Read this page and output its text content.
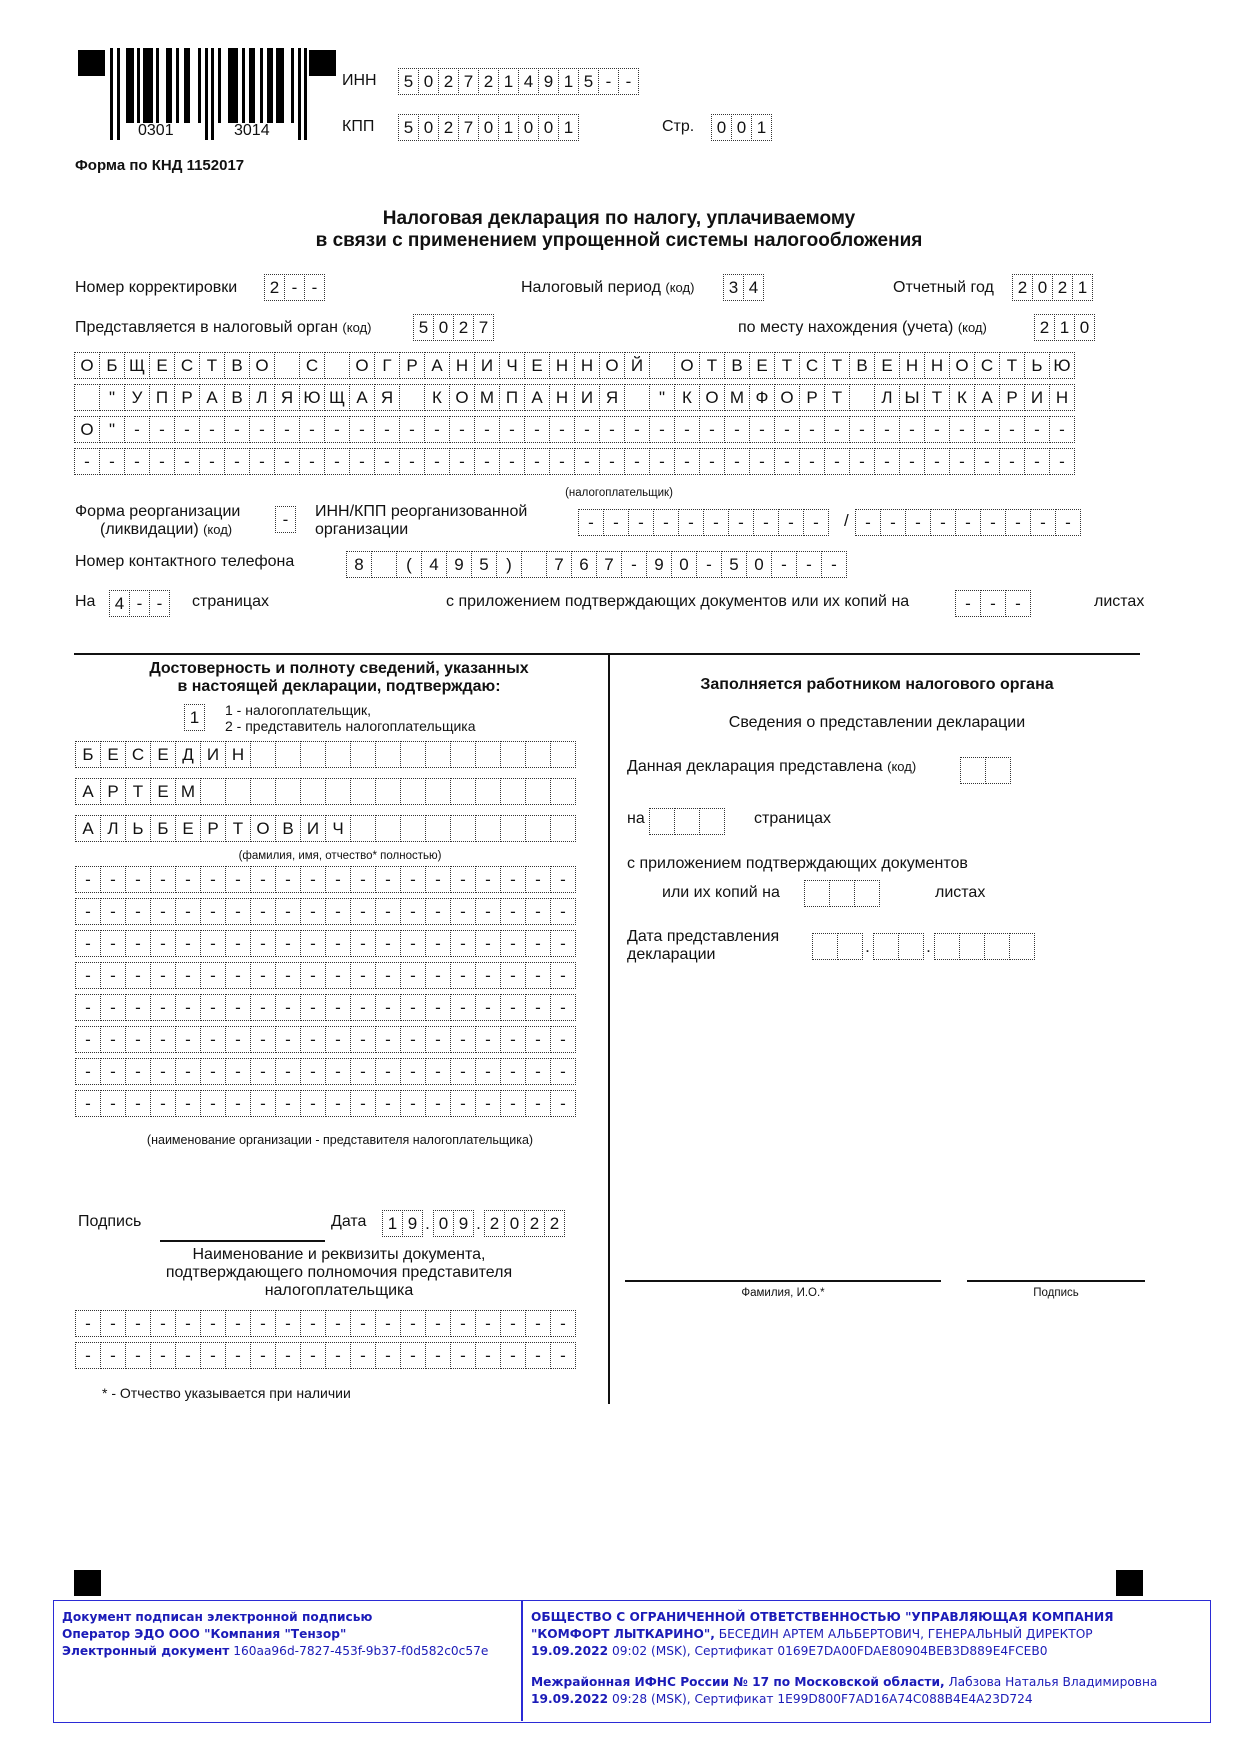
0301	3014
Форма по КНД 1152017
ИНН	5 0 2 7 2 1 4 9 1 5 - -
КПП	5 0 2 7 0 1 0 0 1	Стр.	0 0 1
Налоговая декларация по налогу, уплачиваемому
в связи с применением упрощенной системы налогообложения
Номер корректировки	2 - -	Налоговый период (код)	3 4	Отчетный год	2 0 2 1
Представляется в налоговый орган (код)	5 0 2 7	по месту нахождения (учета) (код)	2 1 0
О Б Щ Е С Т В О	С	О Г Р А Н И Ч Е Н Н О Й	О Т В Е Т С Т В Е Н Н О С Т Ь Ю
" У П Р А В Л Я Ю Щ А Я	К О М П А Н И Я	"	К О М Ф О Р Т	Л Ы Т К А Р И Н
О "	-	-	-	-	-	-	-	-	-	-	-	-	-	-	-	-	-	-	-	-	-	-	-	-	-	-	-	-	-	-	-	-	-	-	-	-	-	-
-	-	-	-	-	-	-	-	-	-	-	-	-	-	-	-	-	-	-	-	-	-	-	-	-	-	-	-	-	-	-	-	-	-	-	-	-	-	-	-
(налогоплательщик)
Форма реорганизации
(ликвидации) (код)
-	ИНН/КПП реорганизованной
организации	-	-	-	-	-	-	-	-	-	-	/ -	-	-	-	-	-	-	-	-
Номер контактного телефона	8	(	4 9 5	)	7 6 7	-	9 0	-	5 0	-	-	-
На	4 - -	страницах	с приложением подтверждающих документов или их копий на	-	-	-	листах
Достоверность и полноту сведений, указанных
в настоящей декларации, подтверждаю:
1	1 - налогоплательщик,
2 - представитель налогоплательщика
Б Е С Е Д И Н
А Р Т Е М
А Л Ь Б Е Р Т О В И Ч
(фамилия, имя, отчество* полностью)
-	-	-	-	-	-	-	-	-	-	-	-	-	-	-	-	-	-	-	-
-	-	-	-	-	-	-	-	-	-	-	-	-	-	-	-	-	-	-	-
-	-	-	-	-	-	-	-	-	-	-	-	-	-	-	-	-	-	-	-
-	-	-	-	-	-	-	-	-	-	-	-	-	-	-	-	-	-	-	-
-	-	-	-	-	-	-	-	-	-	-	-	-	-	-	-	-	-	-	-
-	-	-	-	-	-	-	-	-	-	-	-	-	-	-	-	-	-	-	-
-	-	-	-	-	-	-	-	-	-	-	-	-	-	-	-	-	-	-	-
-	-	-	-	-	-	-	-	-	-	-	-	-	-	-	-	-	-	-	-
(наименование организации - представителя налогоплательщика)
Подпись	Дата	1 9 . 0 9 . 2 0 2 2
Наименование и реквизиты документа,
подтверждающего полномочия представителя
налогоплательщика
-	-	-	-	-	-	-	-	-	-	-	-	-	-	-	-	-	-	-	-
-	-	-	-	-	-	-	-	-	-	-	-	-	-	-	-	-	-	-	-
* - Отчество указывается при наличии
Заполняется работником налогового органа
Сведения о представлении декларации
Данная декларация представлена (код)
на	страницах
с приложением подтверждающих документов
или их копий на	листах
Дата представления
декларации	.	.
Фамилия, И.О.*	Подпись
Документ подписан электронной подписью
Оператор ЭДО ООО "Компания "Тензор"
Электронный документ 160aa96d-7827-453f-9b37-f0d582c0c57e
ОБЩЕСТВО С ОГРАНИЧЕННОЙ ОТВЕТСТВЕННОСТЬЮ "УПРАВЛЯЮЩАЯ КОМПАНИЯ
"КОМФОРТ ЛЫТКАРИНО", БЕСЕДИН АРТЕМ АЛЬБЕРТОВИЧ, ГЕНЕРАЛЬНЫЙ ДИРЕКТОР
19.09.2022 09:02 (MSK), Сертификат 0169E7DA00FDAE80904BEB3D889E4FCEB0
Межрайонная ИФНС России № 17 по Московской области, Лабзова Наталья Владимировна
19.09.2022 09:28 (MSK), Сертификат 1E99D800F7AD16A74C088B4E4A23D724
